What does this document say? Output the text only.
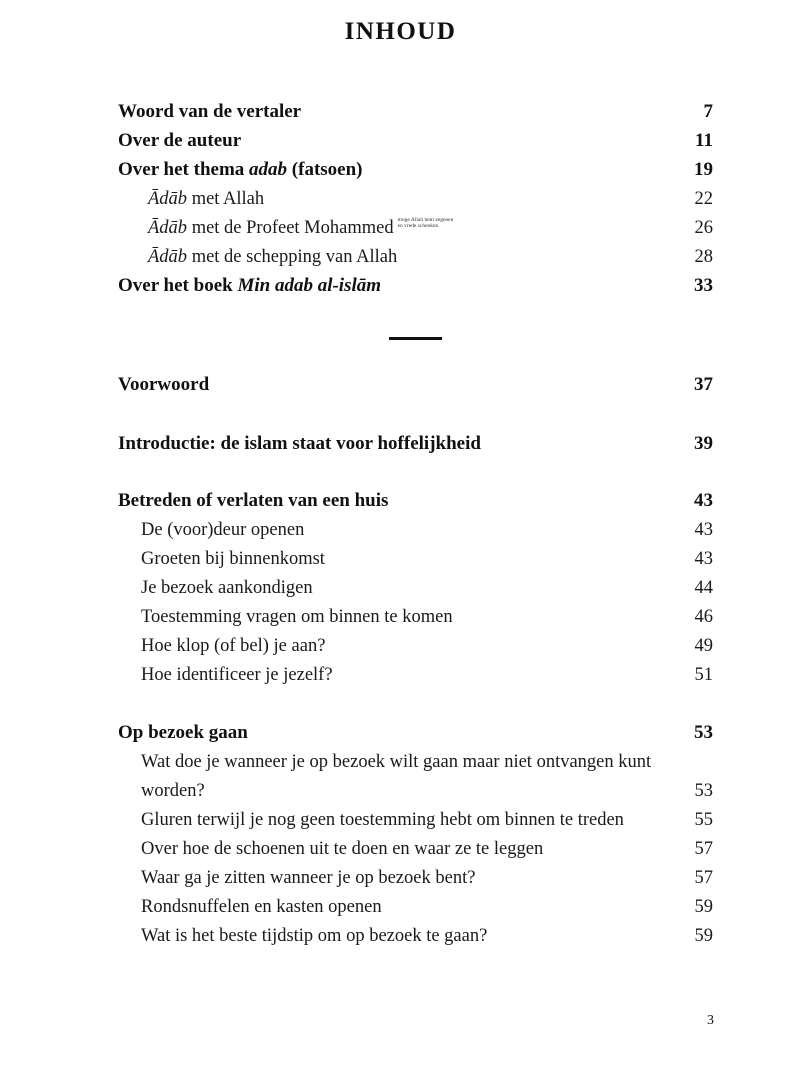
INHOUD
Woord van de vertaler	7
Over de auteur	11
Over het thema adab (fatsoen)	19
Ādāb met Allah	22
Ādāb met de Profeet Mohammed moge Allah hem zegenen
en vrede schenken	26
Ādāb met de schepping van Allah	28
Over het boek Min adab al-islām	33
Voorwoord	37
Introductie: de islam staat voor hoffelijkheid	39
Betreden of verlaten van een huis	43
De (voor)deur openen	43
Groeten bij binnenkomst	43
Je bezoek aankondigen	44
Toestemming vragen om binnen te komen	46
Hoe klop (of bel) je aan?	49
Hoe identificeer je jezelf?	51
Op bezoek gaan	53
Wat doe je wanneer je op bezoek wilt gaan maar niet ontvangen kunt
worden?	53
Gluren terwijl je nog geen toestemming hebt om binnen te treden	55
Over hoe de schoenen uit te doen en waar ze te leggen	57
Waar ga je zitten wanneer je op bezoek bent?	57
Rondsnuffelen en kasten openen	59
Wat is het beste tijdstip om op bezoek te gaan?	59
3
